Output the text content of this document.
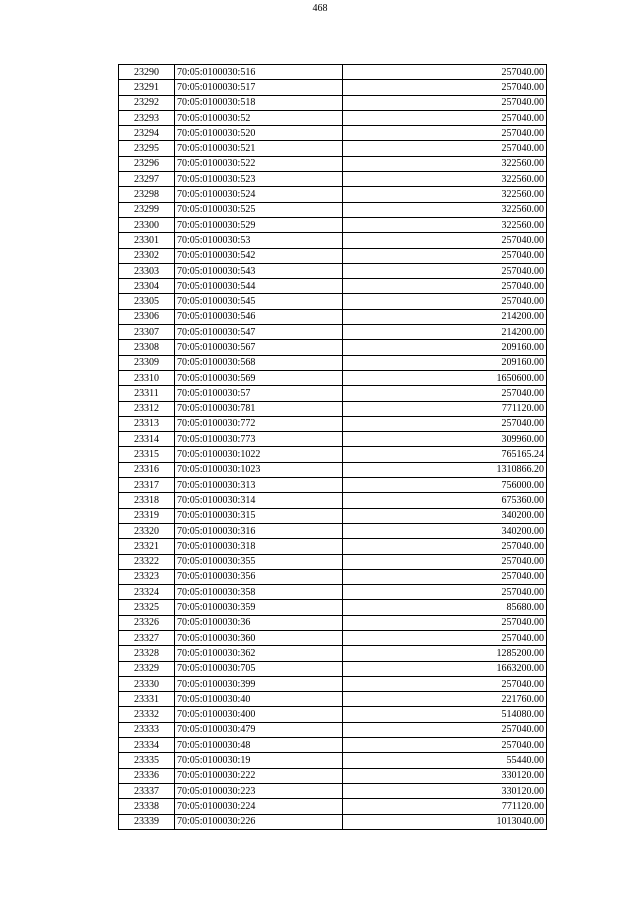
468
23290	70:05:0100030:516	257040.00
23291	70:05:0100030:517	257040.00
23292	70:05:0100030:518	257040.00
23293	70:05:0100030:52	257040.00
23294	70:05:0100030:520	257040.00
23295	70:05:0100030:521	257040.00
23296	70:05:0100030:522	322560.00
23297	70:05:0100030:523	322560.00
23298	70:05:0100030:524	322560.00
23299	70:05:0100030:525	322560.00
23300	70:05:0100030:529	322560.00
23301	70:05:0100030:53	257040.00
23302	70:05:0100030:542	257040.00
23303	70:05:0100030:543	257040.00
23304	70:05:0100030:544	257040.00
23305	70:05:0100030:545	257040.00
23306	70:05:0100030:546	214200.00
23307	70:05:0100030:547	214200.00
23308	70:05:0100030:567	209160.00
23309	70:05:0100030:568	209160.00
23310	70:05:0100030:569	1650600.00
23311	70:05:0100030:57	257040.00
23312	70:05:0100030:781	771120.00
23313	70:05:0100030:772	257040.00
23314	70:05:0100030:773	309960.00
23315	70:05:0100030:1022	765165.24
23316	70:05:0100030:1023	1310866.20
23317	70:05:0100030:313	756000.00
23318	70:05:0100030:314	675360.00
23319	70:05:0100030:315	340200.00
23320	70:05:0100030:316	340200.00
23321	70:05:0100030:318	257040.00
23322	70:05:0100030:355	257040.00
23323	70:05:0100030:356	257040.00
23324	70:05:0100030:358	257040.00
23325	70:05:0100030:359	85680.00
23326	70:05:0100030:36	257040.00
23327	70:05:0100030:360	257040.00
23328	70:05:0100030:362	1285200.00
23329	70:05:0100030:705	1663200.00
23330	70:05:0100030:399	257040.00
23331	70:05:0100030:40	221760.00
23332	70:05:0100030:400	514080.00
23333	70:05:0100030:479	257040.00
23334	70:05:0100030:48	257040.00
23335	70:05:0100030:19	55440.00
23336	70:05:0100030:222	330120.00
23337	70:05:0100030:223	330120.00
23338	70:05:0100030:224	771120.00
23339	70:05:0100030:226	1013040.00
